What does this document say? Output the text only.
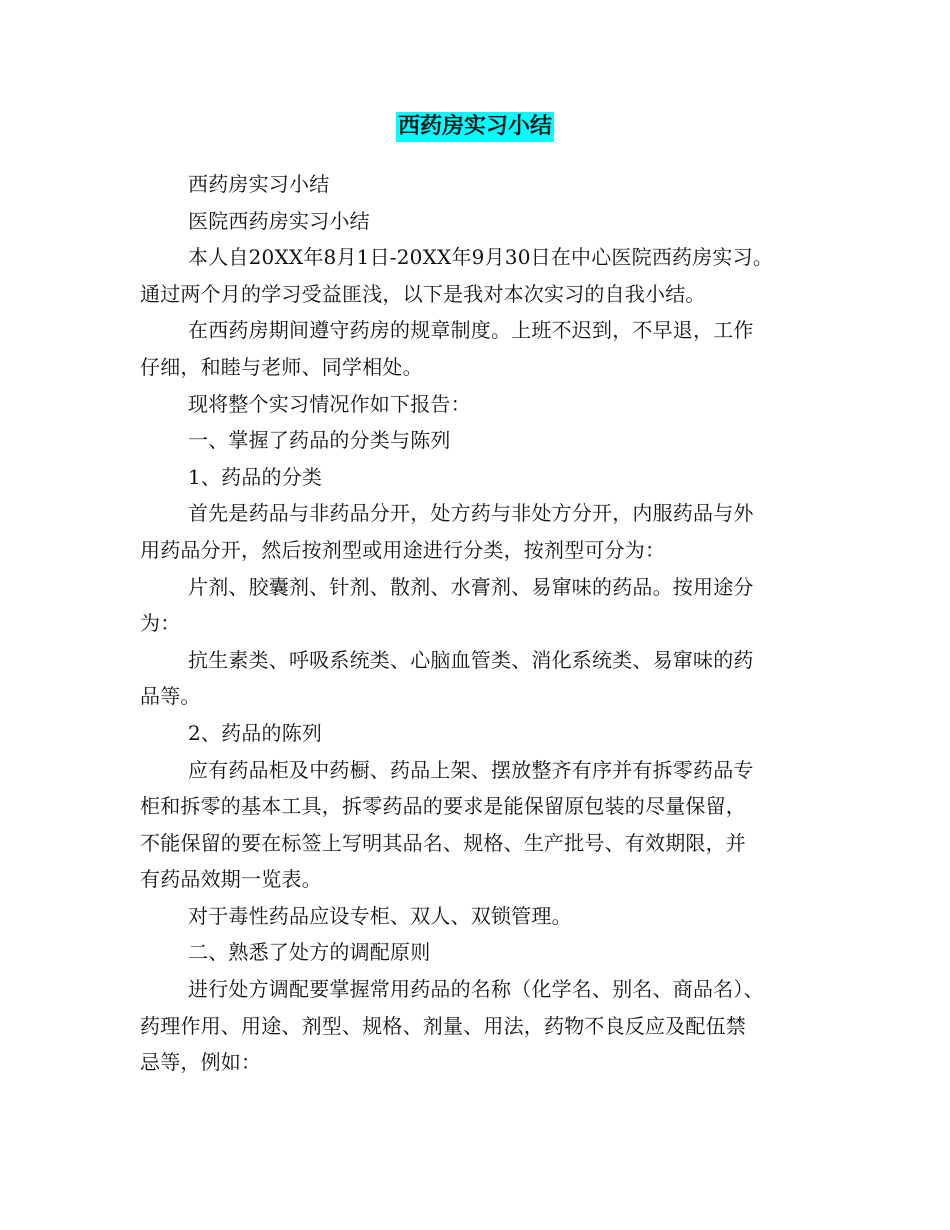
西药房实习小结
西药房实习小结
医院西药房实习小结
本人自20XX年8月1日-20XX年9月30日在中心医院西药房实习。
通过两个月的学习受益匪浅，以下是我对本次实习的自我小结。
在西药房期间遵守药房的规章制度。上班不迟到，不早退，工作
仔细，和睦与老师、同学相处。
现将整个实习情况作如下报告：
一、掌握了药品的分类与陈列
1、药品的分类
首先是药品与非药品分开，处方药与非处方分开，内服药品与外
用药品分开，然后按剂型或用途进行分类，按剂型可分为：
片剂、胶囊剂、针剂、散剂、水膏剂、易窜味的药品。按用途分
为：
抗生素类、呼吸系统类、心脑血管类、消化系统类、易窜味的药
品等。
2、药品的陈列
应有药品柜及中药橱、药品上架、摆放整齐有序并有拆零药品专
柜和拆零的基本工具，拆零药品的要求是能保留原包装的尽量保留，
不能保留的要在标签上写明其品名、规格、生产批号、有效期限，并
有药品效期一览表。
对于毒性药品应设专柜、双人、双锁管理。
二、熟悉了处方的调配原则
进行处方调配要掌握常用药品的名称（化学名、别名、商品名）、
药理作用、用途、剂型、规格、剂量、用法，药物不良反应及配伍禁
忌等，例如：
